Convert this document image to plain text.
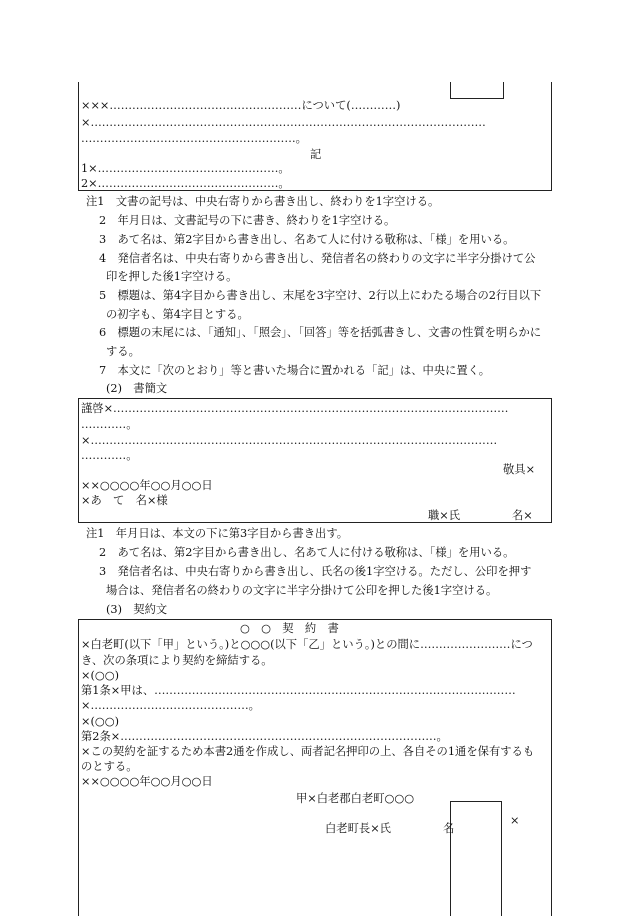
×××……………………………………………について(…………)
×……………………………………………………………………………………………
…………………………………………………。
記
1×…………………………………………。
2×…………………………………………。
注1　文書の記号は、中央右寄りから書き出し、終わりを1字空ける。
2　年月日は、文書記号の下に書き、終わりを1字空ける。
3　あて名は、第2字目から書き出し、名あて人に付ける敬称は、「様」を用いる。
4　発信者名は、中央右寄りから書き出し、発信者名の終わりの文字に半字分掛けて公
印を押した後1字空ける。
5　標題は、第4字目から書き出し、末尾を3字空け、2行以上にわたる場合の2行目以下
の初字も、第4字目とする。
6　標題の末尾には、「通知」、「照会」、「回答」等を括弧書きし、文書の性質を明らかに
する。
7　本文に「次のとおり」等と書いた場合に置かれる「記」は、中央に置く。
(2)　書簡文
謹啓×……………………………………………………………………………………………
…………。
×………………………………………………………………………………………………
…………。
敬具×
××○○○○年○○月○○日
×あ　て　名×様
職×氏	名×
注1　年月日は、本文の下に第3字目から書き出す。
2　あて名は、第2字目から書き出し、名あて人に付ける敬称は、「様」を用いる。
3　発信者名は、中央右寄りから書き出し、氏名の後1字空ける。ただし、公印を押す
場合は、発信者名の終わりの文字に半字分掛けて公印を押した後1字空ける。
(3)　契約文
○　○　契　約　書
×白老町(以下「甲」という。)と○○○(以下「乙」という。)との間に……………………につ
き、次の条項により契約を締結する。
×(○○)
第1条×甲は、……………………………………………………………………………………
×……………………………………。
×(○○)
第2条×…………………………………………………………………………。
×この契約を証するため本書2通を作成し、両者記名押印の上、各自その1通を保有するも
のとする。
××○○○○年○○月○○日
甲×白老郡白老町○○○
白老町長×氏	名
×
